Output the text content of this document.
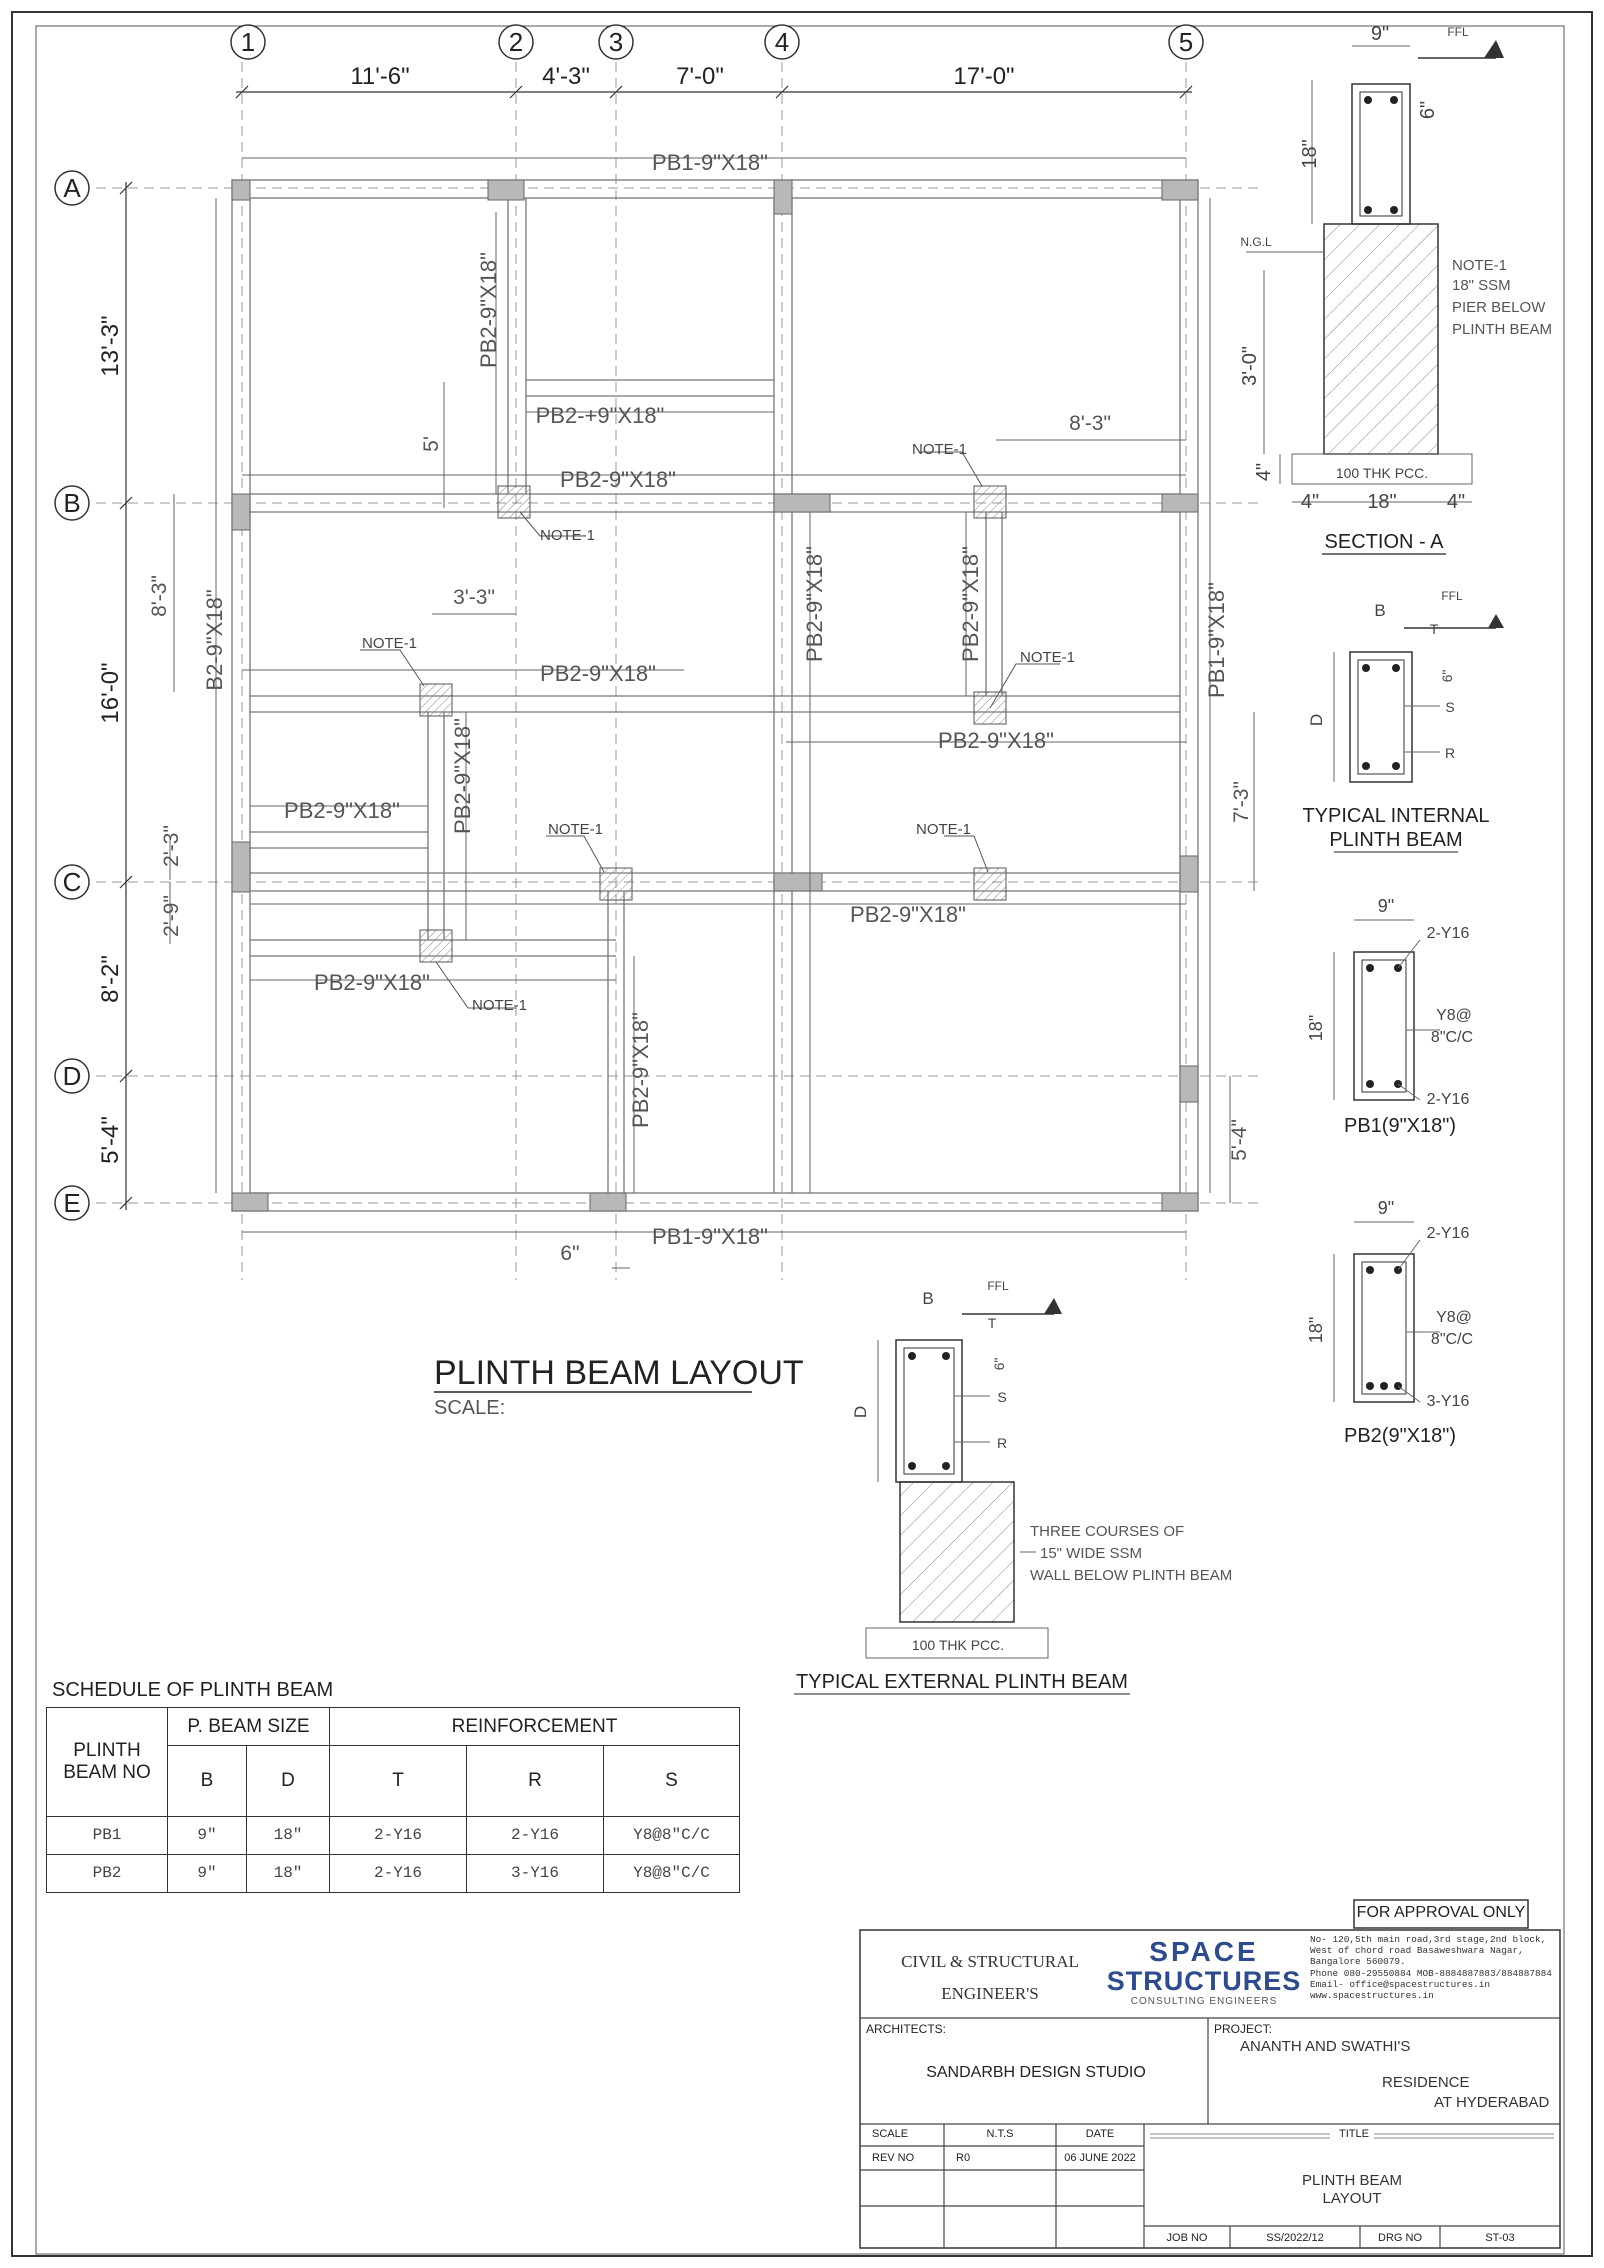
1	2	3	4	5
A
B
C
D
E
11'-6"	4'-3"	7'-0"	17'-0"
13'-3"
16'-0"
8'-2"
5'-4"
PB1-9"X18"
PB1-9"X18"
PB2-9"X18"
PB2-+9"X18"
PB2-9"X18"
PB2-9"X18"
PB2-9"X18"
PB2-9"X18"
PB2-9"X18"
B2-9"X18"	PB1-9"X18"
PB2-9"X18"	PB2-9"X18"
PB2-9"X18"
PB2-9"X18"
PB2-9"X18"
NOTE-1
NOTE-1
NOTE-1
NOTE-1
NOTE-1	NOTE-1
NOTE-1
3'-3"
8'-3"
5'
8'-3"
2'-3"
2'-9"
7'-3"
5'-4"
6"
PLINTH BEAM LAYOUT
SCALE:
9"	FFL
18"
6"
N.G.L
3'-0"
4"	100 THK PCC.
4" 18"	4"
NOTE-1
18" SSM
PIER BELOW
PLINTH BEAM
SECTION - A
B
FFL
T
6"
D
S
R
TYPICAL INTERNAL
PLINTH BEAM
9"
18"
2-Y16
Y8@
8"C/C
2-Y16
PB1(9"X18")
9"
18"
2-Y16
Y8@
8"C/C
3-Y16
PB2(9"X18")
B
FFL
T
6"
D
S
R
100 THK PCC.
THREE COURSES OF
15" WIDE SSM
WALL BELOW PLINTH BEAM
TYPICAL EXTERNAL PLINTH BEAM
SCHEDULE OF PLINTH BEAM
PLINTH
BEAM NO	P. BEAM SIZE		REINFORCEMENT		
	B	D	T	R	S
PB1	9"	18"	2-Y16	2-Y16	Y8@8"C/C
PB2	9"	18"	2-Y16	3-Y16	Y8@8"C/C
FOR APPROVAL ONLY
CIVIL & STRUCTURAL
ENGINEER'S
SPACE
STRUCTURES
CONSULTING ENGINEERS
No- 120,5th main road,3rd stage,2nd block,
West of chord road Basaweshwara Nagar,
Bangalore 560079.
Phone 080-29550884 MOB-8884887883/884887884
Email- office@spacestructures.in
www.spacestructures.in
ARCHITECTS:
SANDARBH DESIGN STUDIO
PROJECT:
ANANTH AND SWATHI'S
RESIDENCE
AT HYDERABAD
SCALE	N.T.S	DATE
REV NO	R0	06 JUNE 2022
TITLE
PLINTH BEAM
LAYOUT
JOB NO	SS/2022/12	DRG NO	ST-03
